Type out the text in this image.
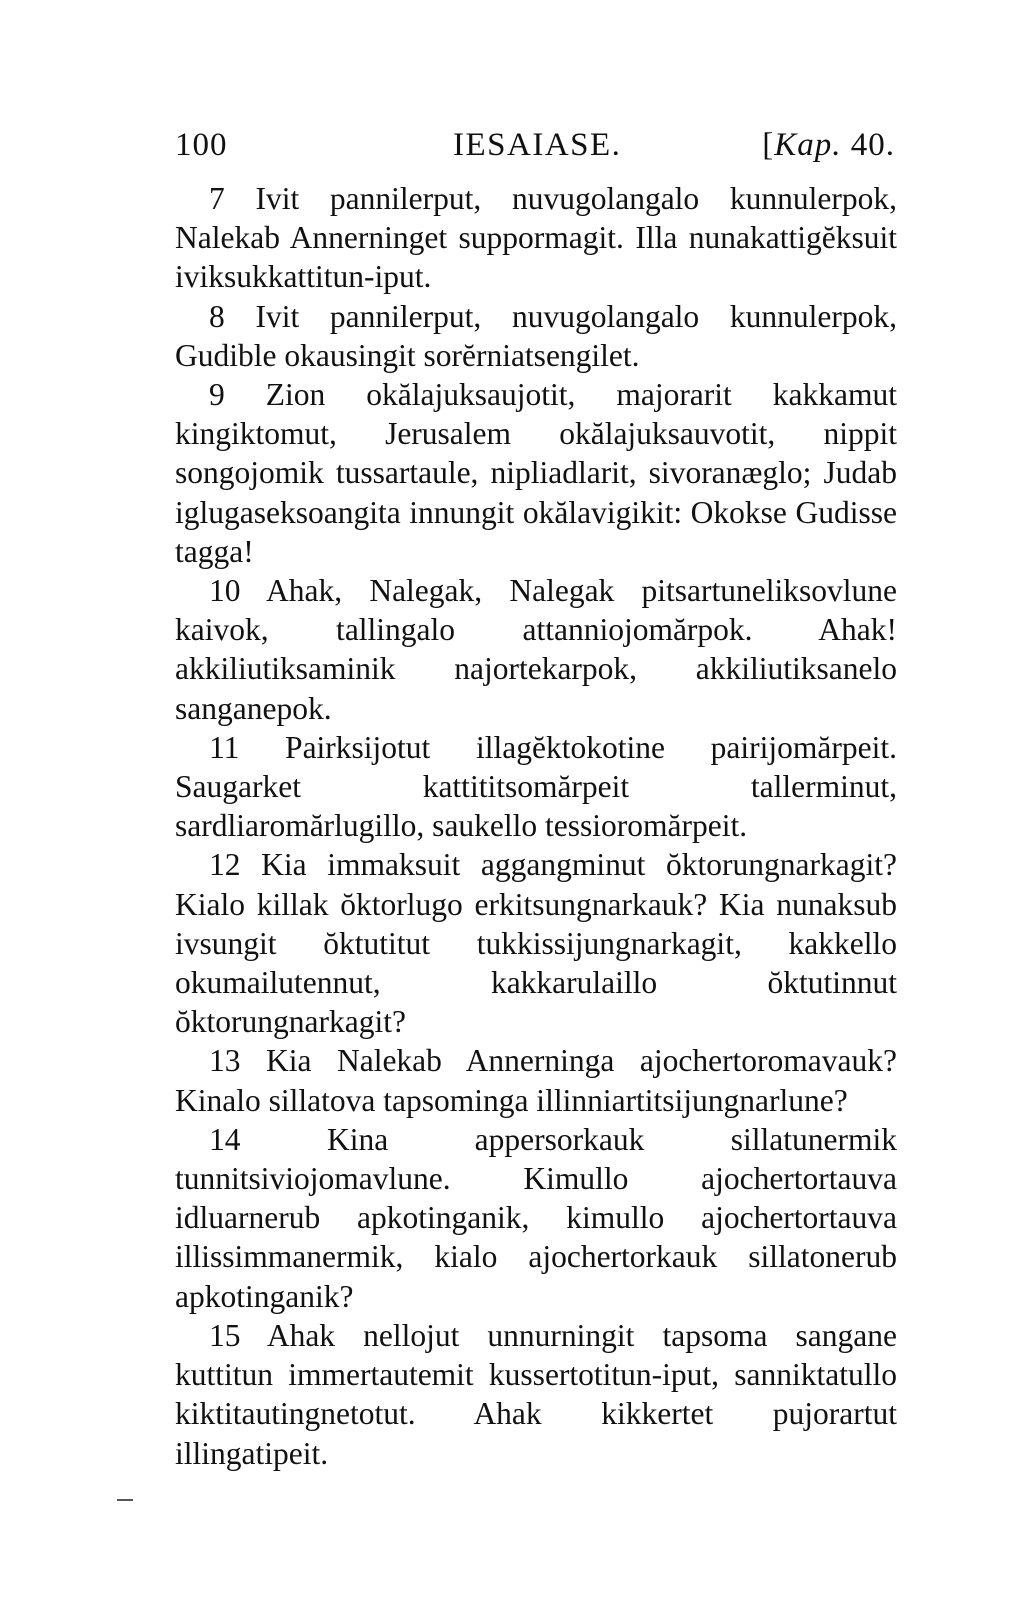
100	IESAIASE.	[Kap. 40.

7 Ivit pannilerput, nuvugolangalo kunnulerpok, Nalekab Annerninget suppormagit. Illa nunakattigĕksuit iviksukkattitun-iput.

8 Ivit pannilerput, nuvugolangalo kunnulerpok, Gudible okausingit sorĕrniatsengilet.

9 Zion okălajuksaujotit, majorarit kakkamut kingiktomut, Jerusalem okălajuksauvotit, nippit songojomik tussartaule, nipliadlarit, sivoranæglo; Judab iglugaseksoangita innungit okălavigikit: Okokse Gudisse tagga!

10 Ahak, Nalegak, Nalegak pitsartuneliksovlune kaivok, tallingalo attanniojomărpok. Ahak! akkiliutiksaminik najortekarpok, akkiliutiksanelo sanganepok.

11 Pairksijotut illagĕktokotine pairijomărpeit. Saugarket kattititsomărpeit tallerminut, sardliaromărlugillo, saukello tessioromărpeit.

12 Kia immaksuit aggangminut ŏktorungnarkagit? Kialo killak ŏktorlugo erkitsungnarkauk? Kia nunaksub ivsungit ŏktutitut tukkissijungnarkagit, kakkello okumailutennut, kakkarulaillo ŏktutinnut ŏktorungnarkagit?

13 Kia Nalekab Annerninga ajochertoromavauk? Kinalo sillatova tapsominga illinniartitsijungnarlune?

14 Kina appersorkauk sillatunermik tunnitsiviojomavlune. Kimullo ajochertortauva idluarnerub apkotinganik, kimullo ajochertortauva illissimmanermik, kialo ajochertorkauk sillatonerub apkotinganik?

15 Ahak nellojut unnurningit tapsoma sangane kuttitun immertautemit kussertotitun-iput, sanniktatullo kiktitautingnetotut. Ahak kikkertet pujorartut illingatipeit.
